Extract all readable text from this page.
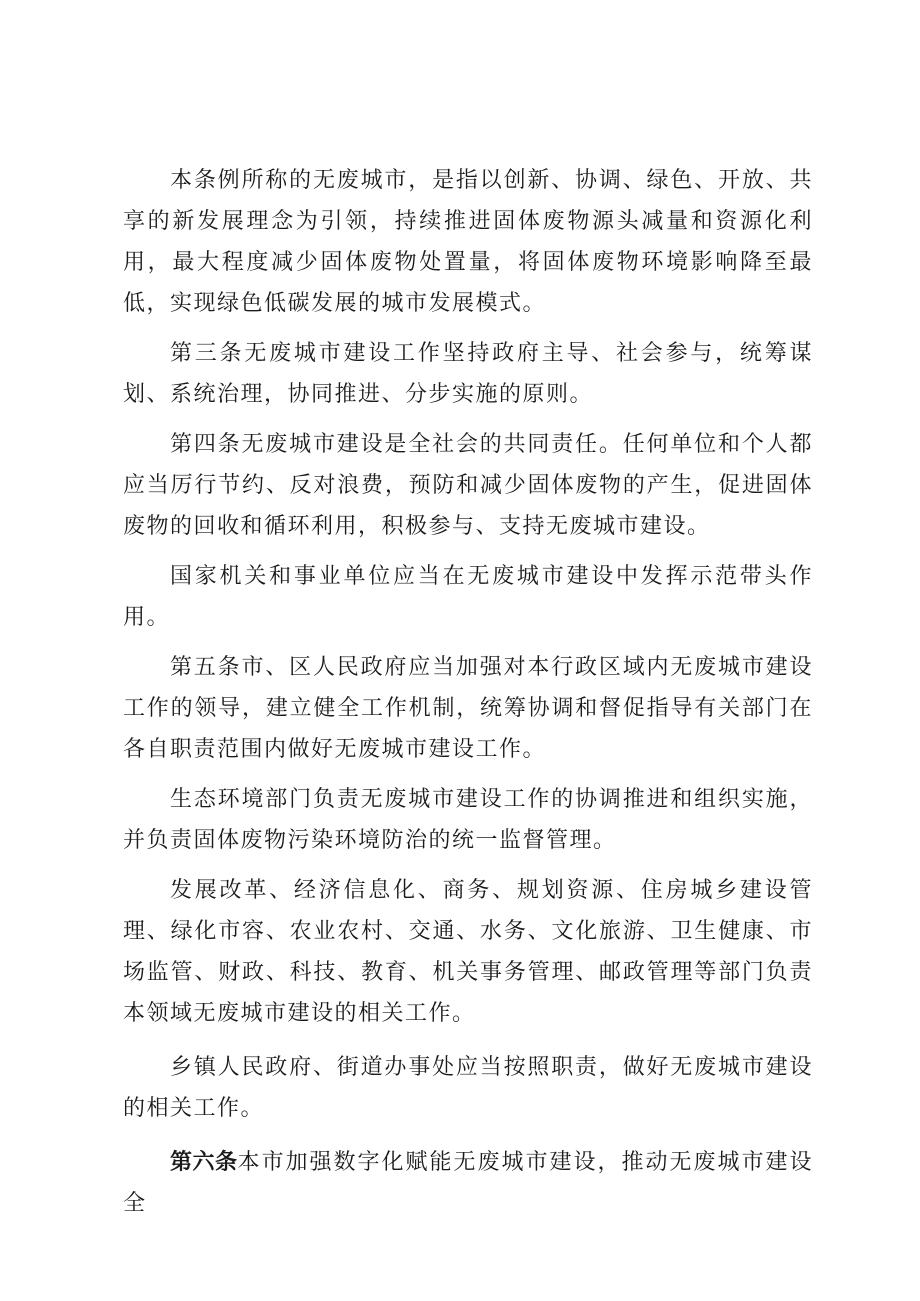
本条例所称的无废城市，是指以创新、协调、绿色、开放、共享的新发展理念为引领，持续推进固体废物源头减量和资源化利用，最大程度减少固体废物处置量，将固体废物环境影响降至最低，实现绿色低碳发展的城市发展模式。

第三条无废城市建设工作坚持政府主导、社会参与，统筹谋划、系统治理，协同推进、分步实施的原则。

第四条无废城市建设是全社会的共同责任。任何单位和个人都应当厉行节约、反对浪费，预防和减少固体废物的产生，促进固体废物的回收和循环利用，积极参与、支持无废城市建设。

国家机关和事业单位应当在无废城市建设中发挥示范带头作用。

第五条市、区人民政府应当加强对本行政区域内无废城市建设工作的领导，建立健全工作机制，统筹协调和督促指导有关部门在各自职责范围内做好无废城市建设工作。

生态环境部门负责无废城市建设工作的协调推进和组织实施，并负责固体废物污染环境防治的统一监督管理。

发展改革、经济信息化、商务、规划资源、住房城乡建设管理、绿化市容、农业农村、交通、水务、文化旅游、卫生健康、市场监管、财政、科技、教育、机关事务管理、邮政管理等部门负责本领域无废城市建设的相关工作。

乡镇人民政府、街道办事处应当按照职责，做好无废城市建设的相关工作。

第六条本市加强数字化赋能无废城市建设，推动无废城市建设全
